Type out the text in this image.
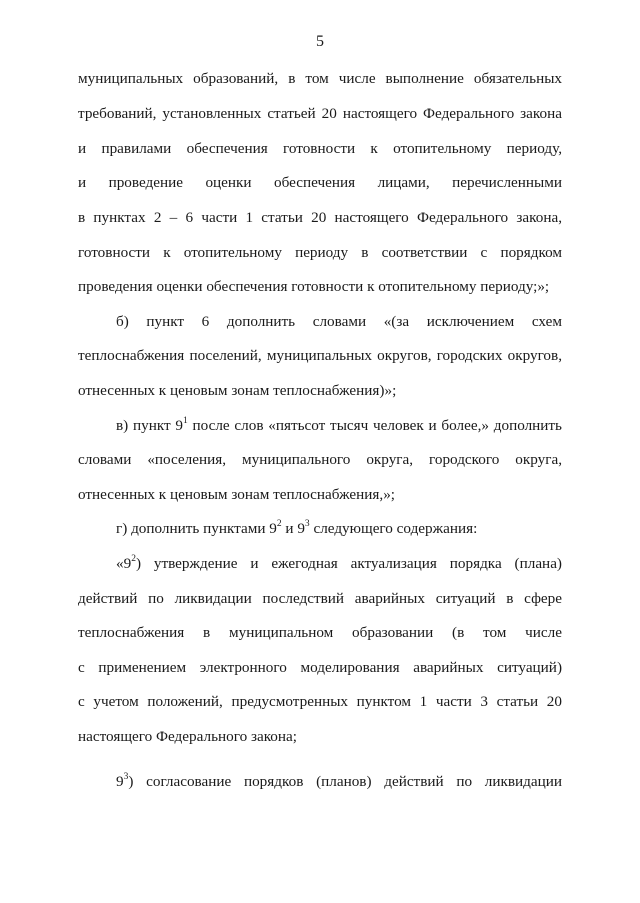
5
муниципальных образований, в том числе выполнение обязательных
требований, установленных статьей 20 настоящего Федерального закона
и правилами обеспечения готовности к отопительному периоду,
и проведение оценки обеспечения лицами, перечисленными
в пунктах 2 – 6 части 1 статьи 20 настоящего Федерального закона,
готовности к отопительному периоду в соответствии с порядком
проведения оценки обеспечения готовности к отопительному периоду;»;
б) пункт 6 дополнить словами «(за исключением схем
теплоснабжения поселений, муниципальных округов, городских округов,
отнесенных к ценовым зонам теплоснабжения)»;
в) пункт $9^1$ после слов «пятьсот тысяч человек и более,» дополнить
словами «поселения, муниципального округа, городского округа,
отнесенных к ценовым зонам теплоснабжения,»;
г) дополнить пунктами $9^2$ и $9^3$ следующего содержания:
«$9^2$) утверждение и ежегодная актуализация порядка (плана)
действий по ликвидации последствий аварийных ситуаций в сфере
теплоснабжения в муниципальном образовании (в том числе
с применением электронного моделирования аварийных ситуаций)
с учетом положений, предусмотренных пунктом 1 части 3 статьи 20
настоящего Федерального закона;
$9^3$) согласование порядков (планов) действий по ликвидации
